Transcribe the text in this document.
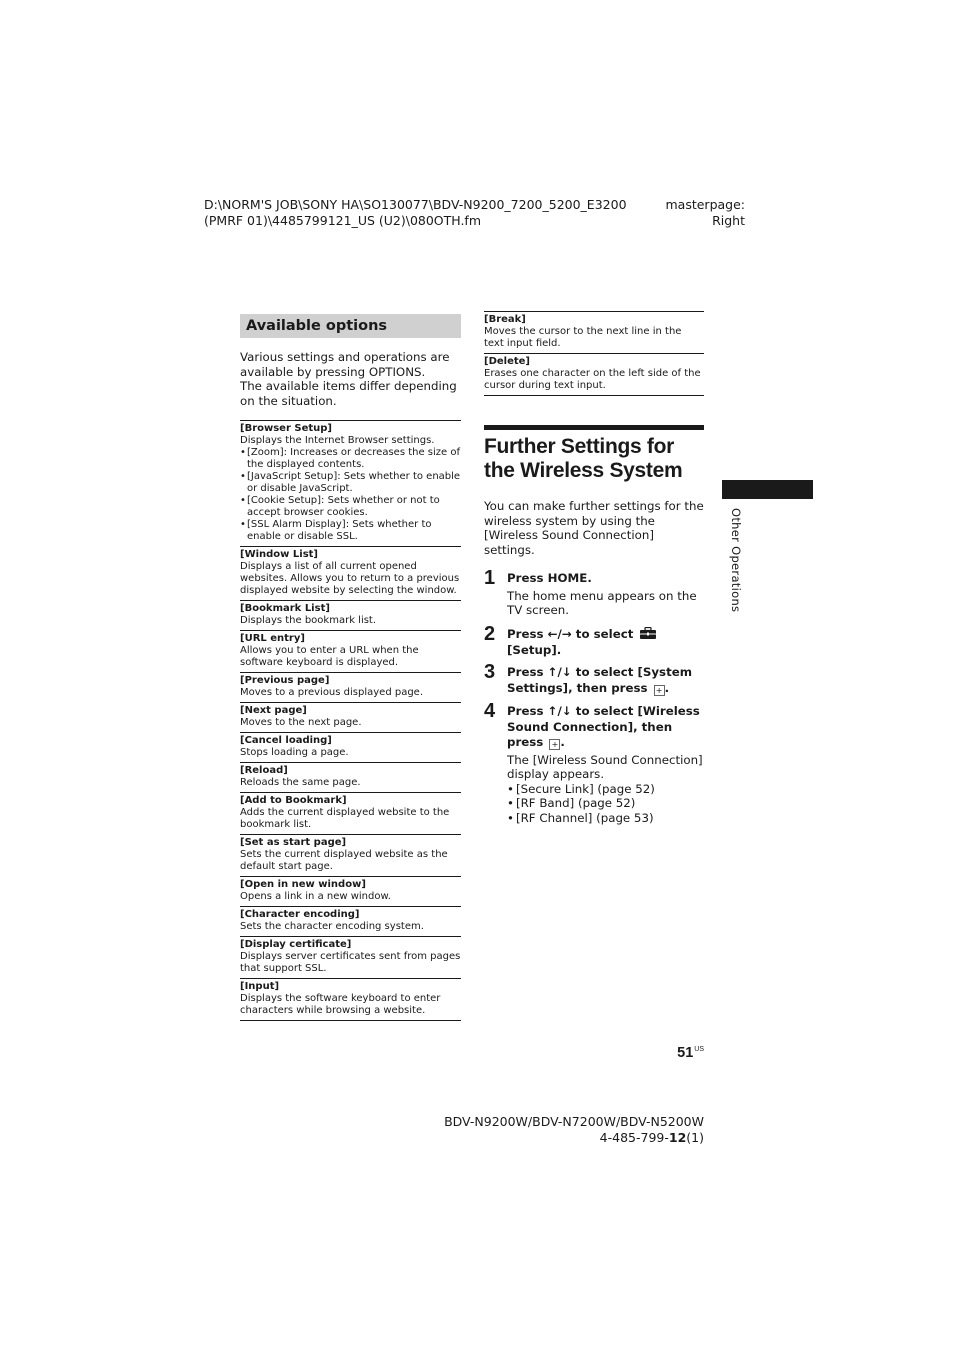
D:\NORM'S JOB\SONY HA\SO130077\BDV-N9200_7200_5200_E3200
(PMRF 01)\4485799121_US (U2)\080OTH.fm
masterpage:
Right
Available options

Various settings and operations are available by pressing OPTIONS.

The available items differ depending on the situation.

[Browser Setup]
Displays the Internet Browser settings.
• [Zoom]: Increases or decreases the size of the displayed contents.
• [JavaScript Setup]: Sets whether to enable or disable JavaScript.
• [Cookie Setup]: Sets whether or not to accept browser cookies.
• [SSL Alarm Display]: Sets whether to enable or disable SSL.
[Window List]
Displays a list of all current opened websites. Allows you to return to a previous displayed website by selecting the window.
[Bookmark List]
Displays the bookmark list.
[URL entry]
Allows you to enter a URL when the software keyboard is displayed.
[Previous page]
Moves to a previous displayed page.
[Next page]
Moves to the next page.
[Cancel loading]
Stops loading a page.
[Reload]
Reloads the same page.
[Add to Bookmark]
Adds the current displayed website to the bookmark list.
[Set as start page]
Sets the current displayed website as the default start page.
[Open in new window]
Opens a link in a new window.
[Character encoding]
Sets the character encoding system.
[Display certificate]
Displays server certificates sent from pages that support SSL.
[Input]
Displays the software keyboard to enter characters while browsing a website.
[Break]
Moves the cursor to the next line in the text input field.
[Delete]
Erases one character on the left side of the cursor during text input.
Further Settings for the Wireless System

You can make further settings for the wireless system by using the [Wireless Sound Connection] settings.

1 Press HOME.
The home menu appears on the TV screen.
2 Press ←/→ to select [Setup].
3 Press ↑/↓ to select [System Settings], then press + .
4 Press ↑/↓ to select [Wireless Sound Connection], then press + .
The [Wireless Sound Connection] display appears.
• [Secure Link] (page 52)
• [RF Band] (page 52)
• [RF Channel] (page 53)
Other Operations
$51^{US}$
BDV-N9200W/BDV-N7200W/BDV-N5200W
4-485-799-12(1)
